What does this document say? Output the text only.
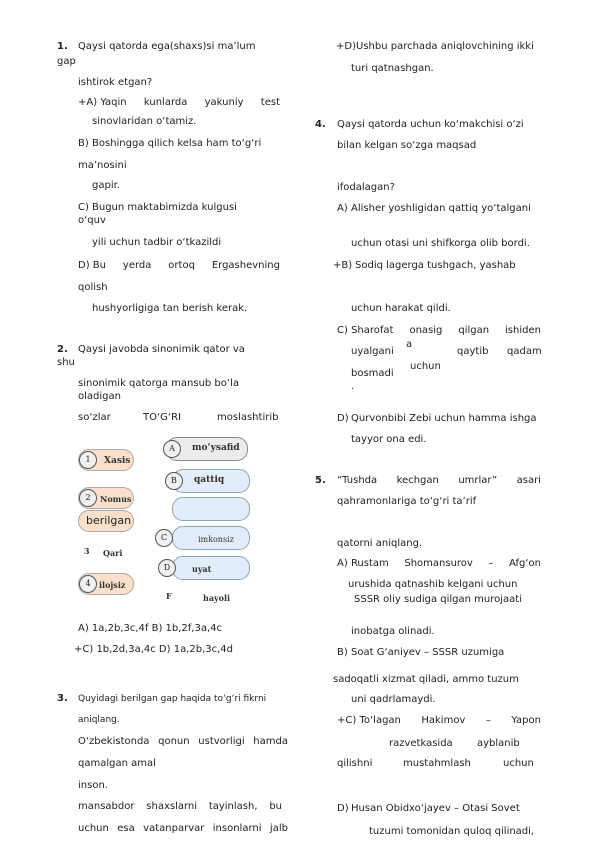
1. Qaysi qatorda ega(shaxs)si ma’lum
gap
ishtirok etgan?
+A) Yaqin kunlarda yakuniy test
sinovlaridan o‘tamiz.
B) Boshingga qilich kelsa ham to‘g‘ri
ma’nosini
gapir.
C) Bugun maktabimizda kulgusi
o‘quv
yili uchun tadbir o‘tkazildi
D) Bu yerda ortoq Ergashevning
qolish
hushyorligiga tan berish kerak.
2. Qaysi javobda sinonimik qator va
shu
sinonimik qatorga mansub bo‘la
oladigan
so‘zlar	TO‘G‘RI	moslashtirib
1	Xasis
2	Nomus
berilgan
3 Qari
4	ilojsiz
A	mo‘ysafid
B	qattiq
C	imkonsiz
D	uyat
F	hayoli
A) 1a,2b,3c,4f B) 1b,2f,3a,4c
+C) 1b,2d,3a,4c D) 1a,2b,3c,4d
3. Quyidagi berilgan gap haqida to‘g‘ri fikrni
aniqlang.
O‘zbekistonda qonun ustvorligi hamda
qamalgan amal
inson.
mansabdor shaxslarni tayinlash, bu
uchun esa vatanparvar insonlarni jalb
+D) Ushbu parchada aniqlovchining ikki
turi qatnashgan.
4. Qaysi qatorda uchun ko‘makchisi o‘zi
bilan kelgan so‘zga maqsad
ifodalagan?
A) Alisher yoshligidan qattiq yo‘talgani
uchun otasi uni shifkorga olib bordi.
+B) Sodiq lagerga tushgach, yashab
uchun harakat qildi.
C) Sharofat onasig qilgan ishiden
uyalgani
a
qaytib qadam
bosmadi
uchun
.
D) Qurvonbibi Zebi uchun hamma ishga
tayyor ona edi.
5. “Tushda kechgan umrlar” asari
qahramonlariga to‘g‘ri ta’rif
qatorni aniqlang.
A) Rustam Shomansurov – Afg‘on
urushida qatnashib kelgani uchun
SSSR oliy sudiga qilgan murojaati
inobatga olinadi.
B) Soat G‘aniyev – SSSR uzumiga
sadoqatli xizmat qiladi, ammo tuzum
uni qadrlamaydi.
+C) To‘lagan Hakimov – Yapon
razvetkasida ayblanib
qilishni	mustahmlash	uchun
D) Husan Obidxo‘jayev – Otasi Sovet
tuzumi tomonidan quloq qilinadi,
